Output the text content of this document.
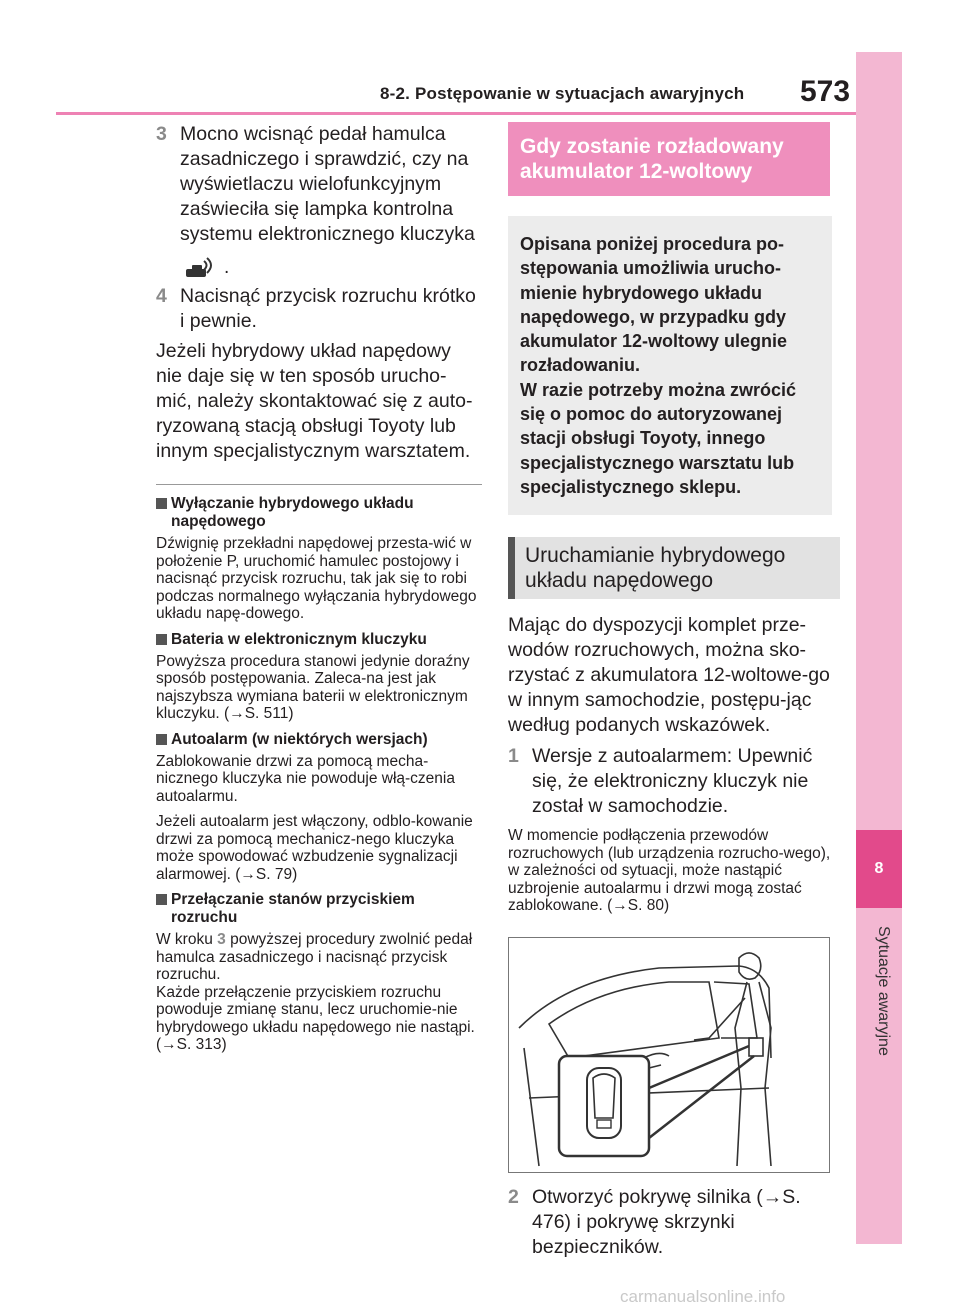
8-2. Postępowanie w sytuacjach awaryjnych 573
8
Sytuacje awaryjne
3 Mocno wcisnąć pedał hamulca zasadniczego i sprawdzić, czy na wyświetlaczu wielofunkcyjnym zaświeciła się lampka kontrolna systemu elektronicznego kluczyka
.
4 Nacisnąć przycisk rozruchu krótko i pewnie.
Jeżeli hybrydowy układ napędowy nie daje się w ten sposób urucho-mić, należy skontaktować się z auto-ryzowaną stacją obsługi Toyoty lub innym specjalistycznym warsztatem.
Wyłączanie hybrydowego układu napędowego
Dźwignię przekładni napędowej przesta-wić w położenie P, uruchomić hamulec postojowy i nacisnąć przycisk rozruchu, tak jak się to robi podczas normalnego wyłączania hybrydowego układu napę-dowego.
Bateria w elektronicznym kluczyku
Powyższa procedura stanowi jedynie doraźny sposób postępowania. Zaleca-na jest jak najszybsza wymiana baterii w elektronicznym kluczyku. (→S. 511)
Autoalarm (w niektórych wersjach)
Zablokowanie drzwi za pomocą mecha-nicznego kluczyka nie powoduje włą-czenia autoalarmu.
Jeżeli autoalarm jest włączony, odblo-kowanie drzwi za pomocą mechanicz-nego kluczyka może spowodować wzbudzenie sygnalizacji alarmowej. (→S. 79)
Przełączanie stanów przyciskiem rozruchu
W kroku 3 powyższej procedury zwolnić pedał hamulca zasadniczego i nacisnąć przycisk rozruchu.
Każde przełączenie przyciskiem rozruchu powoduje zmianę stanu, lecz uruchomie-nie hybrydowego układu napędowego nie nastąpi. (→S. 313)
Gdy zostanie rozładowany akumulator 12-woltowy
Opisana poniżej procedura po-stępowania umożliwia urucho-mienie hybrydowego układu napędowego, w przypadku gdy akumulator 12-woltowy ulegnie rozładowaniu.
W razie potrzeby można zwrócić się o pomoc do autoryzowanej stacji obsługi Toyoty, innego specjalistycznego warsztatu lub specjalistycznego sklepu.
Uruchamianie hybrydowego układu napędowego
Mając do dyspozycji komplet prze-wodów rozruchowych, można sko-rzystać z akumulatora 12-woltowe-go w innym samochodzie, postępu-jąc według podanych wskazówek.
1 Wersje z autoalarmem: Upewnić się, że elektroniczny kluczyk nie został w samochodzie.
W momencie podłączenia przewodów rozruchowych (lub urządzenia rozrucho-wego), w zależności od sytuacji, może nastąpić uzbrojenie autoalarmu i drzwi mogą zostać zablokowane. (→S. 80)
2 Otworzyć pokrywę silnika (→S. 476) i pokrywę skrzynki bezpieczników.
carmanualsonline.info
